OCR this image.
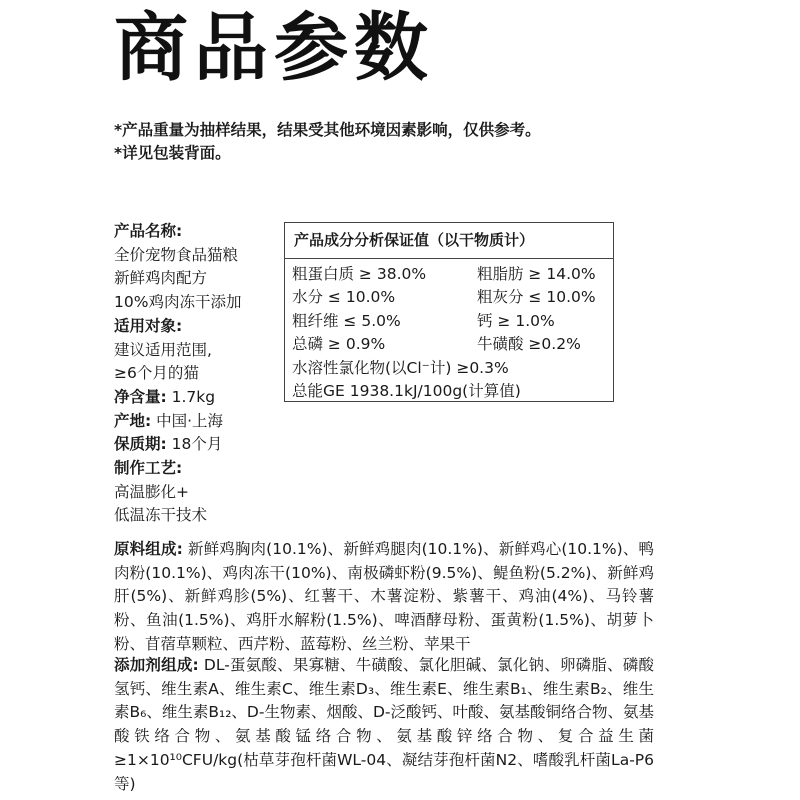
商品参数
*产品重量为抽样结果，结果受其他环境因素影响，仅供参考。
*详见包装背面。
产品名称:
全价宠物食品猫粮
新鲜鸡肉配方
10%鸡肉冻干添加
适用对象:
建议适用范围,
≥6个月的猫
净含量: 1.7kg
产地: 中国·上海
保质期: 18个月
制作工艺:
高温膨化+
低温冻干技术
产品成分分析保证值（以干物质计）
粗蛋白质 ≥ 38.0%	粗脂肪 ≥ 14.0%
水分 ≤ 10.0%	粗灰分 ≤ 10.0%
粗纤维 ≤ 5.0%	钙 ≥ 1.0%
总磷 ≥ 0.9%	牛磺酸 ≥0.2%
水溶性氯化物(以Cl⁻计) ≥0.3%
总能GE 1938.1kJ/100g(计算值)
原料组成: 新鲜鸡胸肉(10.1%)、新鲜鸡腿肉(10.1%)、新鲜鸡心(10.1%)、鸭肉粉(10.1%)、鸡肉冻干(10%)、南极磷虾粉(9.5%)、鳀鱼粉(5.2%)、新鲜鸡肝(5%)、新鲜鸡胗(5%)、红薯干、木薯淀粉、紫薯干、鸡油(4%)、马铃薯粉、鱼油(1.5%)、鸡肝水解粉(1.5%)、啤酒酵母粉、蛋黄粉(1.5%)、胡萝卜粉、苜蓿草颗粒、西芹粉、蓝莓粉、丝兰粉、苹果干
添加剂组成: DL-蛋氨酸、果寡糖、牛磺酸、氯化胆碱、氯化钠、卵磷脂、磷酸氢钙、维生素A、维生素C、维生素D₃、维生素E、维生素B₁、维生素B₂、维生素B₆、维生素B₁₂、D-生物素、烟酸、D-泛酸钙、叶酸、氨基酸铜络合物、氨基酸铁络合物、氨基酸锰络合物、氨基酸锌络合物、复合益生菌≥1×10¹⁰CFU/kg(枯草芽孢杆菌WL-04、凝结芽孢杆菌N2、嗜酸乳杆菌La-P6等)
